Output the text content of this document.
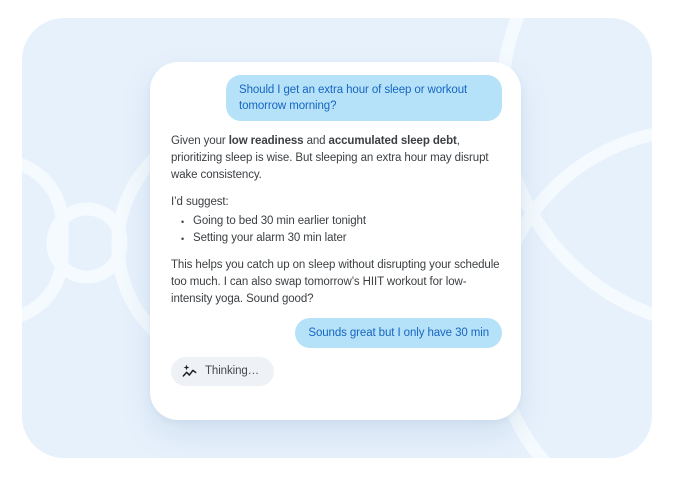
Should I get an extra hour of sleep or workout tomorrow morning?

Given your low readiness and accumulated sleep debt, prioritizing sleep is wise. But sleeping an extra hour may disrupt wake consistency.

I’d suggest:

• Going to bed 30 min earlier tonight
• Setting your alarm 30 min later

This helps you catch up on sleep without disrupting your schedule too much. I can also swap tomorrow’s HIIT workout for low-intensity yoga. Sound good?

Sounds great but I only have 30 min
Thinking…
